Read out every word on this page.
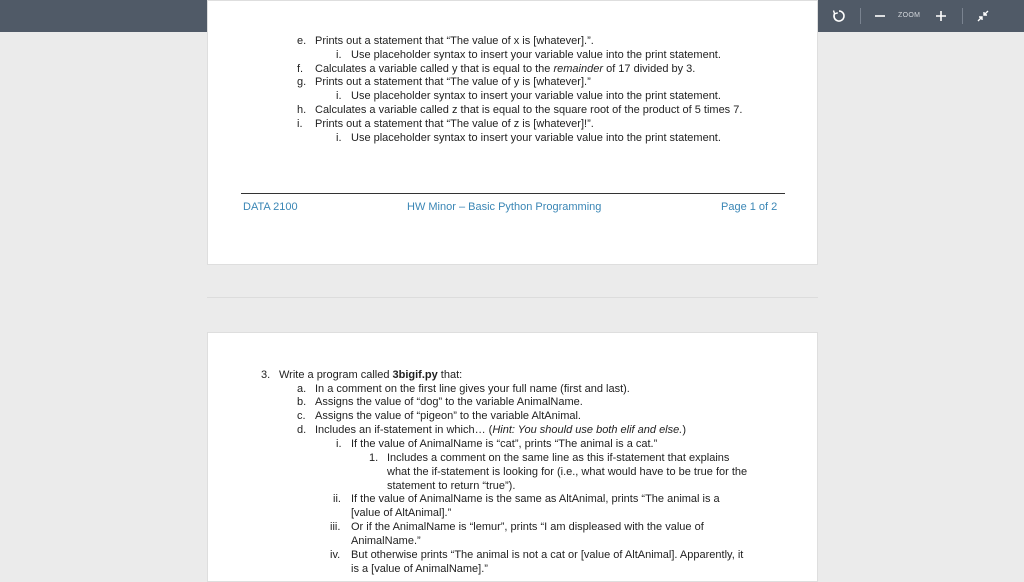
1
ZOOM
e. Prints out a statement that “The value of x is [whatever].”.
i. Use placeholder syntax to insert your variable value into the print statement.
f. Calculates a variable called y that is equal to the remainder of 17 divided by 3.
g. Prints out a statement that “The value of y is [whatever].”
i. Use placeholder syntax to insert your variable value into the print statement.
h. Calculates a variable called z that is equal to the square root of the product of 5 times 7.
i. Prints out a statement that “The value of z is [whatever]!”.
i. Use placeholder syntax to insert your variable value into the print statement.
DATA 2100	HW Minor – Basic Python Programming	Page 1 of 2
3. Write a program called 3bigif.py that:
a. In a comment on the first line gives your full name (first and last).
b. Assigns the value of “dog” to the variable AnimalName.
c. Assigns the value of “pigeon” to the variable AltAnimal.
d. Includes an if-statement in which… (Hint: You should use both elif and else.)
i. If the value of AnimalName is “cat”, prints “The animal is a cat.”
1. Includes a comment on the same line as this if-statement that explains
what the if-statement is looking for (i.e., what would have to be true for the
statement to return “true”).
ii. If the value of AnimalName is the same as AltAnimal, prints “The animal is a
[value of AltAnimal].”
iii. Or if the AnimalName is “lemur”, prints “I am displeased with the value of
AnimalName.”
iv. But otherwise prints “The animal is not a cat or [value of AltAnimal]. Apparently, it
is a [value of AnimalName].”
